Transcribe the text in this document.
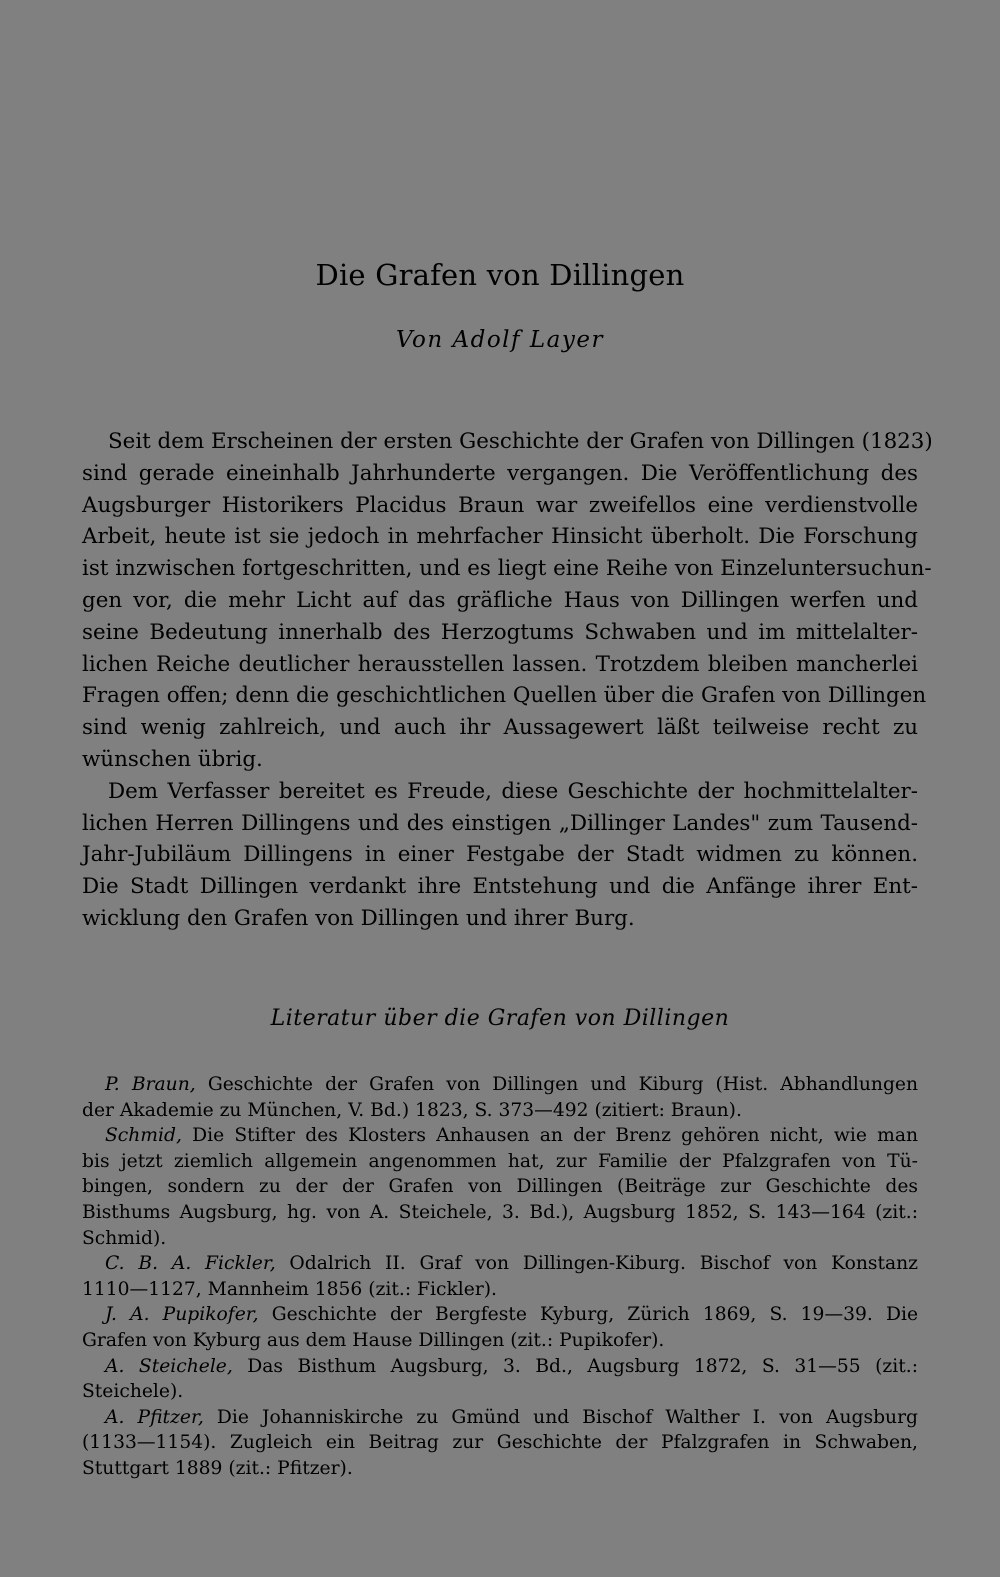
Die Grafen von Dillingen
Von Adolf Layer
Seit dem Erscheinen der ersten Geschichte der Grafen von Dillingen (1823)
sind gerade eineinhalb Jahrhunderte vergangen. Die Veröffentlichung des
Augsburger Historikers Placidus Braun war zweifellos eine verdienstvolle
Arbeit, heute ist sie jedoch in mehrfacher Hinsicht überholt. Die Forschung
ist inzwischen fortgeschritten, und es liegt eine Reihe von Einzeluntersuchun-
gen vor, die mehr Licht auf das gräfliche Haus von Dillingen werfen und
seine Bedeutung innerhalb des Herzogtums Schwaben und im mittelalter-
lichen Reiche deutlicher herausstellen lassen. Trotzdem bleiben mancherlei
Fragen offen; denn die geschichtlichen Quellen über die Grafen von Dillingen
sind wenig zahlreich, und auch ihr Aussagewert läßt teilweise recht zu
wünschen übrig.
Dem Verfasser bereitet es Freude, diese Geschichte der hochmittelalter-
lichen Herren Dillingens und des einstigen „Dillinger Landes" zum Tausend-
Jahr-Jubiläum Dillingens in einer Festgabe der Stadt widmen zu können.
Die Stadt Dillingen verdankt ihre Entstehung und die Anfänge ihrer Ent-
wicklung den Grafen von Dillingen und ihrer Burg.
Literatur über die Grafen von Dillingen
P. Braun, Geschichte der Grafen von Dillingen und Kiburg (Hist. Abhandlungen
der Akademie zu München, V. Bd.) 1823, S. 373—492 (zitiert: Braun).
Schmid, Die Stifter des Klosters Anhausen an der Brenz gehören nicht, wie man
bis jetzt ziemlich allgemein angenommen hat, zur Familie der Pfalzgrafen von Tü-
bingen, sondern zu der der Grafen von Dillingen (Beiträge zur Geschichte des
Bisthums Augsburg, hg. von A. Steichele, 3. Bd.), Augsburg 1852, S. 143—164 (zit.:
Schmid).
C. B. A. Fickler, Odalrich II. Graf von Dillingen-Kiburg. Bischof von Konstanz
1110—1127, Mannheim 1856 (zit.: Fickler).
J. A. Pupikofer, Geschichte der Bergfeste Kyburg, Zürich 1869, S. 19—39. Die
Grafen von Kyburg aus dem Hause Dillingen (zit.: Pupikofer).
A. Steichele, Das Bisthum Augsburg, 3. Bd., Augsburg 1872, S. 31—55 (zit.:
Steichele).
A. Pfitzer, Die Johanniskirche zu Gmünd und Bischof Walther I. von Augsburg
(1133—1154). Zugleich ein Beitrag zur Geschichte der Pfalzgrafen in Schwaben,
Stuttgart 1889 (zit.: Pfitzer).
